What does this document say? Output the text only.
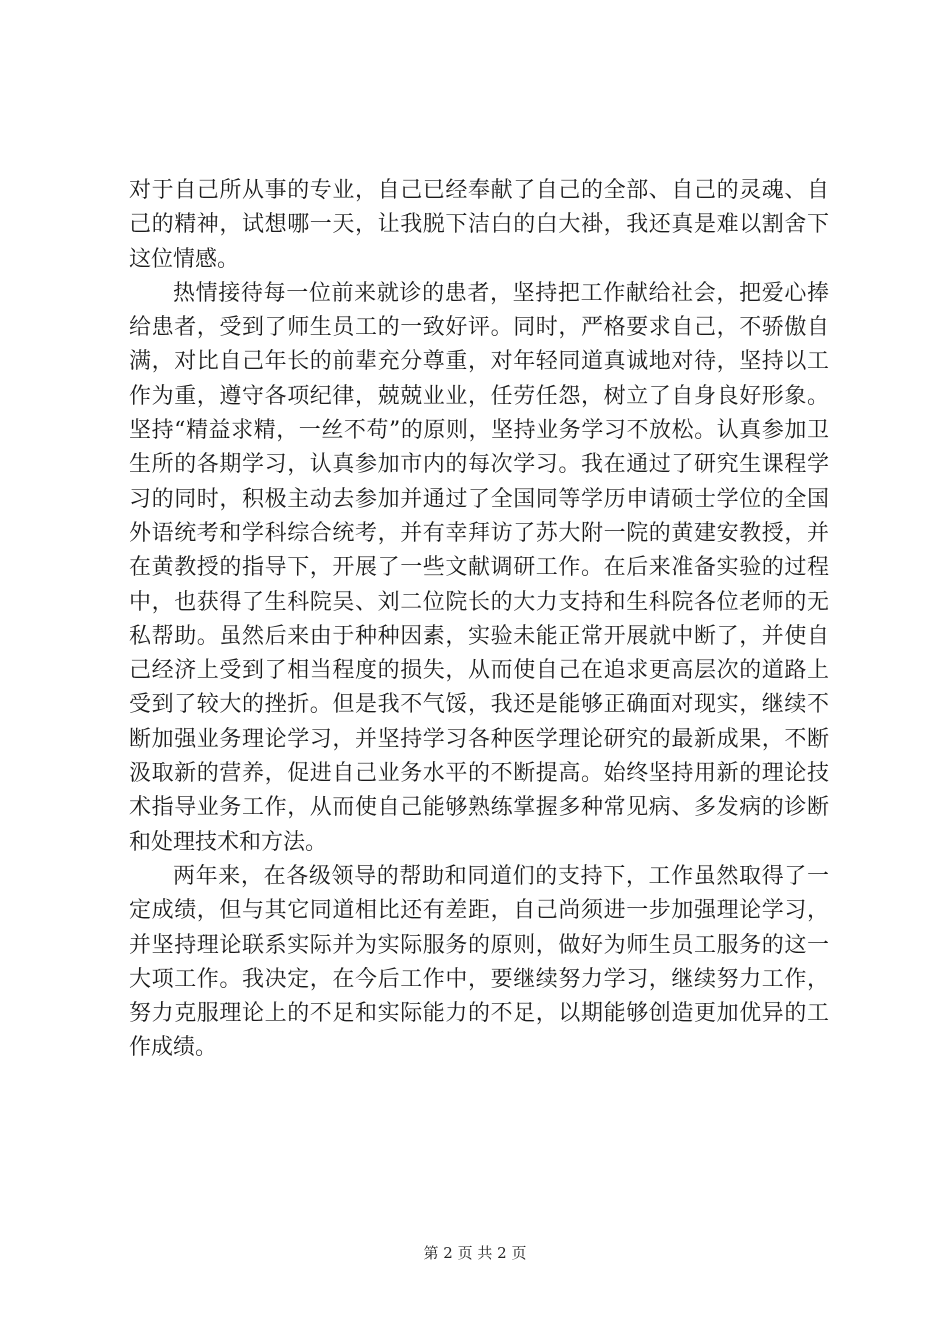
对于自己所从事的专业，自己已经奉献了自己的全部、自己的灵魂、自己的精神，试想哪一天，让我脱下洁白的白大褂，我还真是难以割舍下这位情感。

热情接待每一位前来就诊的患者，坚持把工作献给社会，把爱心捧给患者，受到了师生员工的一致好评。同时，严格要求自己，不骄傲自满，对比自己年长的前辈充分尊重，对年轻同道真诚地对待，坚持以工作为重，遵守各项纪律，兢兢业业，任劳任怨，树立了自身良好形象。坚持“精益求精，一丝不苟”的原则，坚持业务学习不放松。认真参加卫生所的各期学习，认真参加市内的每次学习。我在通过了研究生课程学习的同时，积极主动去参加并通过了全国同等学历申请硕士学位的全国外语统考和学科综合统考，并有幸拜访了苏大附一院的黄建安教授，并在黄教授的指导下，开展了一些文献调研工作。在后来准备实验的过程中，也获得了生科院吴、刘二位院长的大力支持和生科院各位老师的无私帮助。虽然后来由于种种因素，实验未能正常开展就中断了，并使自己经济上受到了相当程度的损失，从而使自己在追求更高层次的道路上受到了较大的挫折。但是我不气馁，我还是能够正确面对现实，继续不断加强业务理论学习，并坚持学习各种医学理论研究的最新成果，不断汲取新的营养，促进自己业务水平的不断提高。始终坚持用新的理论技术指导业务工作，从而使自己能够熟练掌握多种常见病、多发病的诊断和处理技术和方法。

两年来，在各级领导的帮助和同道们的支持下，工作虽然取得了一定成绩，但与其它同道相比还有差距，自己尚须进一步加强理论学习，并坚持理论联系实际并为实际服务的原则，做好为师生员工服务的这一大项工作。我决定，在今后工作中，要继续努力学习，继续努力工作，努力克服理论上的不足和实际能力的不足，以期能够创造更加优异的工作成绩。

第 2 页 共 2 页
